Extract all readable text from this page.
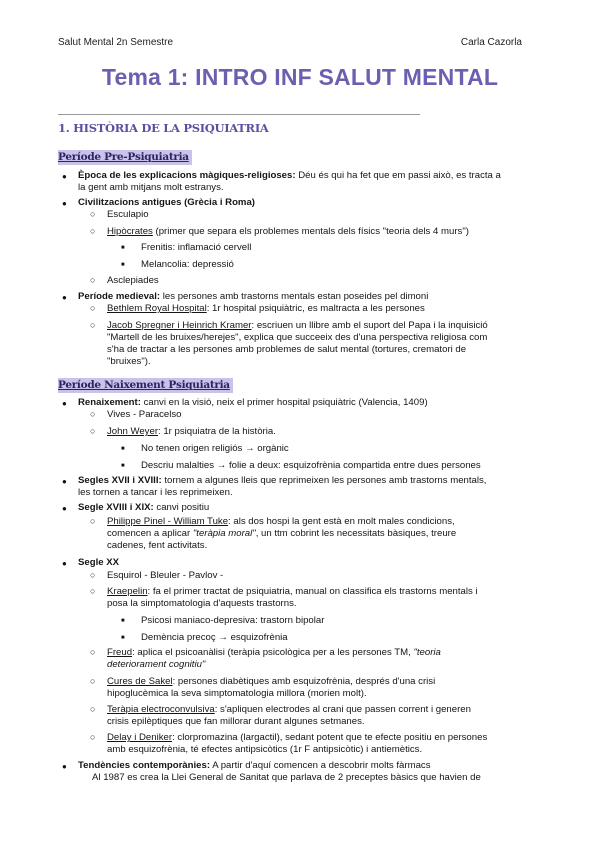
Salut Mental 2n Semestre	Carla Cazorla
Tema 1: INTRO INF SALUT MENTAL
1. HISTÒRIA DE LA PSIQUIATRIA
Període Pre-Psiquiatria
● Època de les explicacions màgiques-religioses: Déu és qui ha fet que em passi això, es tracta a
la gent amb mitjans molt estranys.
● Civilitzacions antigues (Grècia i Roma)
○ Esculapio
○ Hipòcrates (primer que separa els problemes mentals dels físics "teoria dels 4 murs")
■ Frenitis: inflamació cervell
■ Melancolia: depressió
○ Asclepiades
● Període medieval: les persones amb trastorns mentals estan poseides pel dimoni
○ Bethlem Royal Hospital: 1r hospital psiquiàtric, es maltracta a les persones
○ Jacob Spregner i Heinrich Kramer: escriuen un llibre amb el suport del Papa i la inquisició
"Martell de les bruixes/herejes", explica que succeeix des d'una perspectiva religiosa com
s'ha de tractar a les persones amb problemes de salut mental (tortures, crematori de
"bruixes").
Període Naixement Psiquiatria
● Renaixement: canvi en la visió, neix el primer hospital psiquiàtric (Valencia, 1409)
○ Vives - Paracelso
○ John Weyer: 1r psiquiatra de la història.
■ No tenen origen religiós → orgànic
■ Descriu malalties → folie a deux: esquizofrènia compartida entre dues persones
● Segles XVII i XVIII: tornem a algunes lleis que reprimeixen les persones amb trastorns mentals,
les tornen a tancar i les reprimeixen.
● Segle XVIII i XIX: canvi positiu
○ Philippe Pinel - William Tuke: als dos hospi la gent està en molt males condicions,
comencen a aplicar "teràpia moral", un ttm cobrint les necessitats bàsiques, treure
cadenes, fent activitats.
● Segle XX
○ Esquirol - Bleuler - Pavlov -
○ Kraepelin: fa el primer tractat de psiquiatria, manual on classifica els trastorns mentals i
posa la simptomatologia d'aquests trastorns.
■ Psicosi maniaco-depresiva: trastorn bipolar
■ Demència precoç → esquizofrènia
○ Freud: aplica el psicoanàlisi (teràpia psicològica per a les persones TM, "teoria
deteriorament cognitiu"
○ Cures de Sakel: persones diabètiques amb esquizofrènia, després d'una crisi
hipoglucèmica la seva simptomatologia millora (morien molt).
○ Teràpia electroconvulsiva: s'apliquen electrodes al crani que passen corrent i generen
crisis epilèptiques que fan millorar durant algunes setmanes.
○ Delay i Deniker: clorpromazina (largactil), sedant potent que te efecte positiu en persones
amb esquizofrènia, té efectes antipsicòtics (1r F antipsicòtic) i antiemètics.
● Tendències contemporànies: A partir d'aquí comencen a descobrir molts fàrmacs
Al 1987 es crea la Llei General de Sanitat que parlava de 2 preceptes bàsics que havien de
